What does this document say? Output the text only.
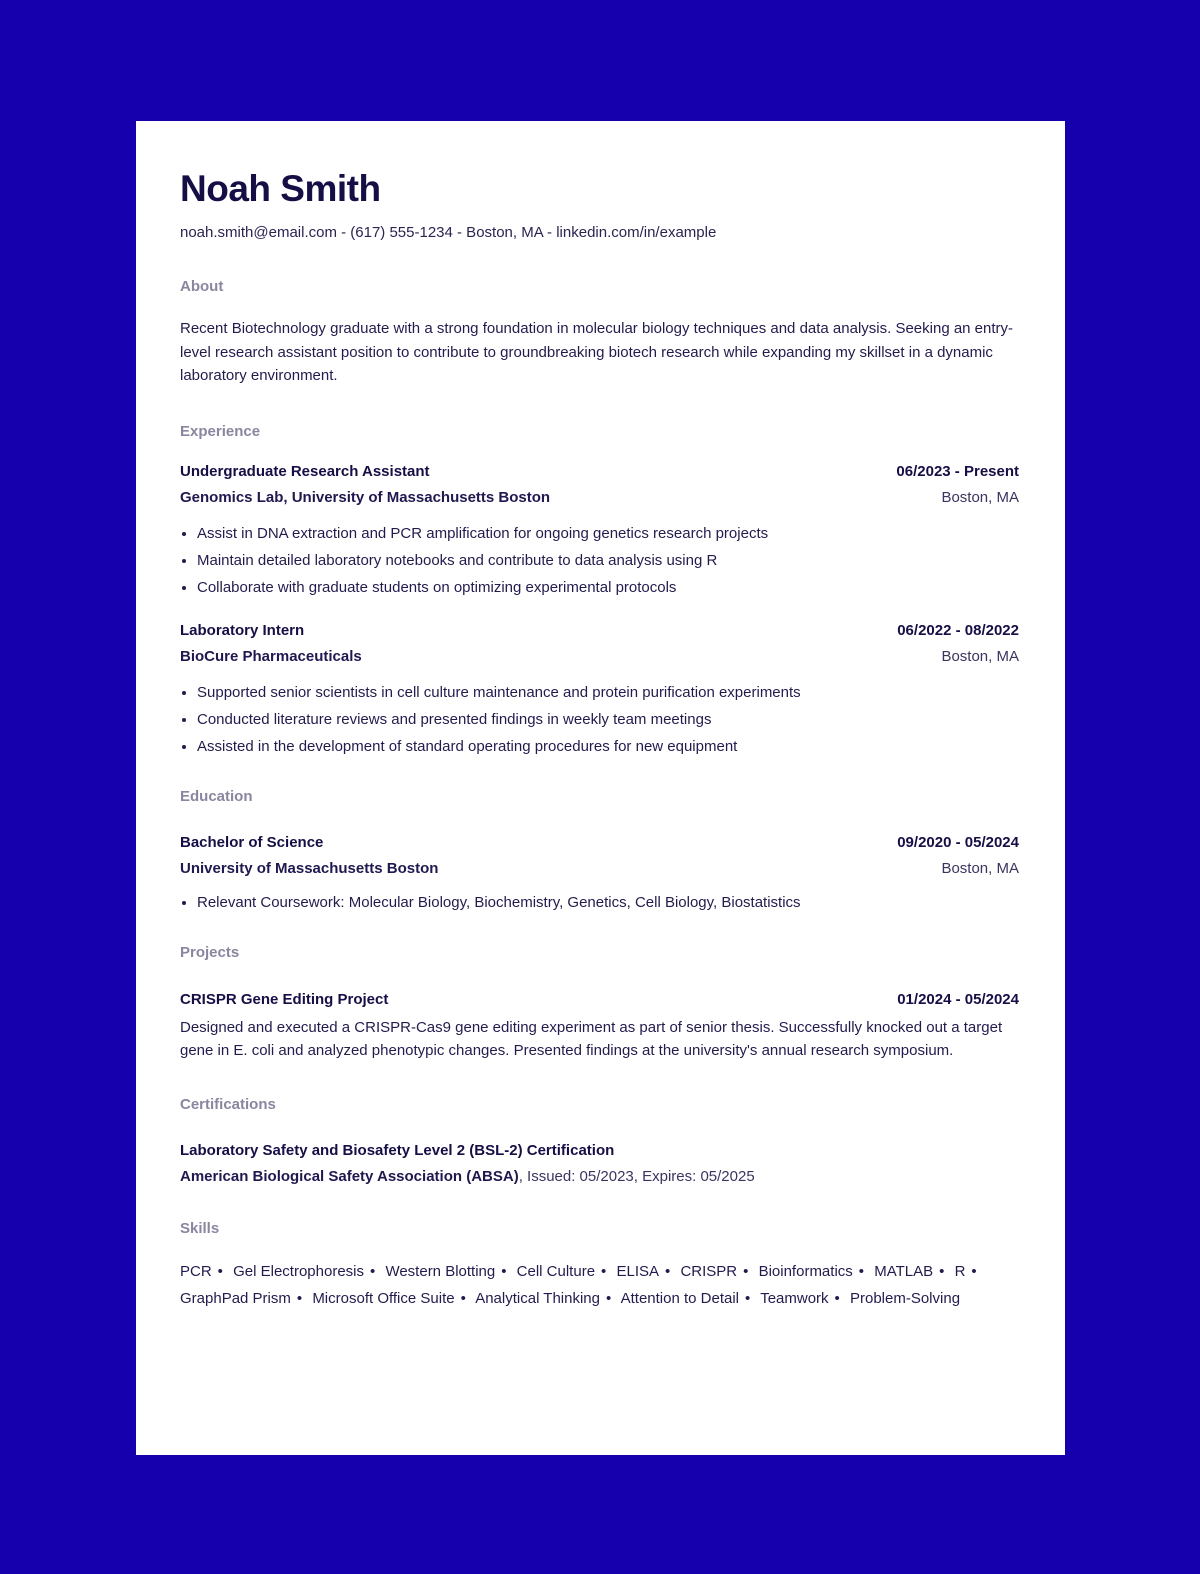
Noah Smith
noah.smith@email.com - (617) 555-1234 - Boston, MA - linkedin.com/in/example
About
Recent Biotechnology graduate with a strong foundation in molecular biology techniques and data analysis. Seeking an entry-level research assistant position to contribute to groundbreaking biotech research while expanding my skillset in a dynamic laboratory environment.
Experience
Undergraduate Research Assistant	06/2023 - Present
Genomics Lab, University of Massachusetts Boston	Boston, MA
• Assist in DNA extraction and PCR amplification for ongoing genetics research projects
• Maintain detailed laboratory notebooks and contribute to data analysis using R
• Collaborate with graduate students on optimizing experimental protocols
Laboratory Intern	06/2022 - 08/2022
BioCure Pharmaceuticals	Boston, MA
• Supported senior scientists in cell culture maintenance and protein purification experiments
• Conducted literature reviews and presented findings in weekly team meetings
• Assisted in the development of standard operating procedures for new equipment
Education
Bachelor of Science	09/2020 - 05/2024
University of Massachusetts Boston	Boston, MA
• Relevant Coursework: Molecular Biology, Biochemistry, Genetics, Cell Biology, Biostatistics
Projects
CRISPR Gene Editing Project	01/2024 - 05/2024
Designed and executed a CRISPR-Cas9 gene editing experiment as part of senior thesis. Successfully knocked out a target gene in E. coli and analyzed phenotypic changes. Presented findings at the university's annual research symposium.
Certifications
Laboratory Safety and Biosafety Level 2 (BSL-2) Certification
American Biological Safety Association (ABSA), Issued: 05/2023, Expires: 05/2025
Skills
PCR • Gel Electrophoresis • Western Blotting • Cell Culture • ELISA • CRISPR • Bioinformatics • MATLAB • R • GraphPad Prism • Microsoft Office Suite • Analytical Thinking • Attention to Detail • Teamwork • Problem-Solving
